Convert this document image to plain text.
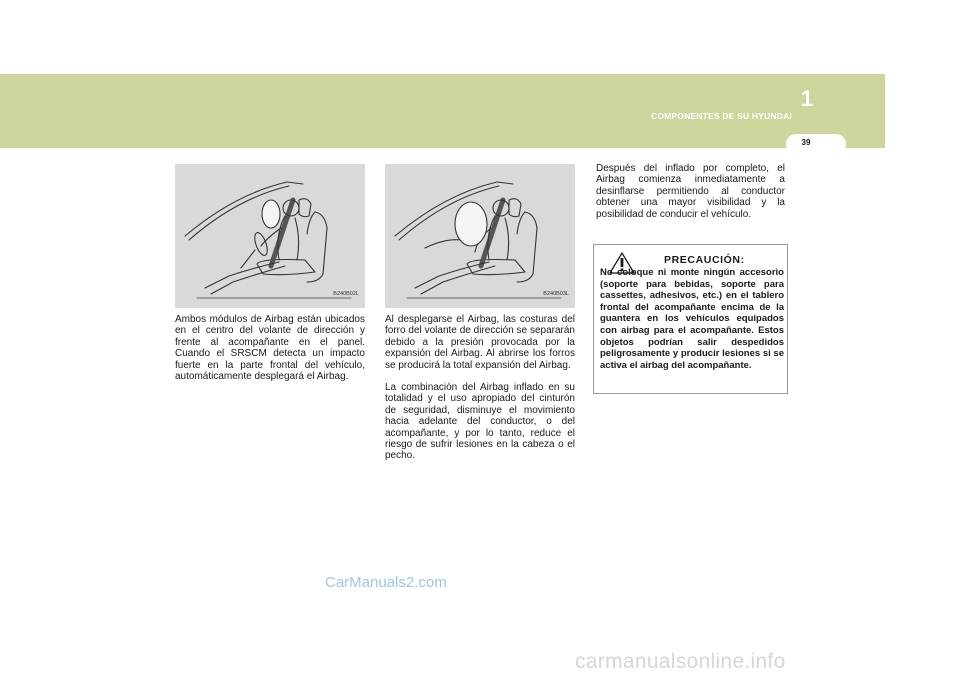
1
COMPONENTES DE SU HYUNDAI
39
B240B02L	B240B03L

Ambos módulos de Airbag están ubicados en el centro del volante de dirección y frente al acompañante en el panel. Cuando el SRSCM detecta un impacto fuerte en la parte frontal del vehículo, automáticamente desplegará el Airbag.

Al desplegarse el Airbag, las costuras del forro del volante de dirección se separarán debido a la presión provocada por la expansión del Airbag. Al abrirse los forros se producirá la total expansión del Airbag.

La combinación del Airbag inflado en su totalidad y el uso apropiado del cinturón de seguridad, disminuye el movimiento hacia adelante del conductor, o del acompañante, y por lo tanto, reduce el riesgo de sufrir lesiones en la cabeza o el pecho.

Después del inflado por completo, el Airbag comienza inmediatamente a desinflarse permitiendo al conductor obtener una mayor visibilidad y la posibilidad de conducir el vehículo.

PRECAUCIÓN:
No coloque ni monte ningún accesorio (soporte para bebidas, soporte para cassettes, adhesivos, etc.) en el tablero frontal del acompañante encima de la guantera en los vehículos equipados con airbag para el acompañante. Estos objetos podrían salir despedidos peligrosamente y producir lesiones si se activa el airbag del acompañante.
CarManuals2.com
carmanualsonline.info
